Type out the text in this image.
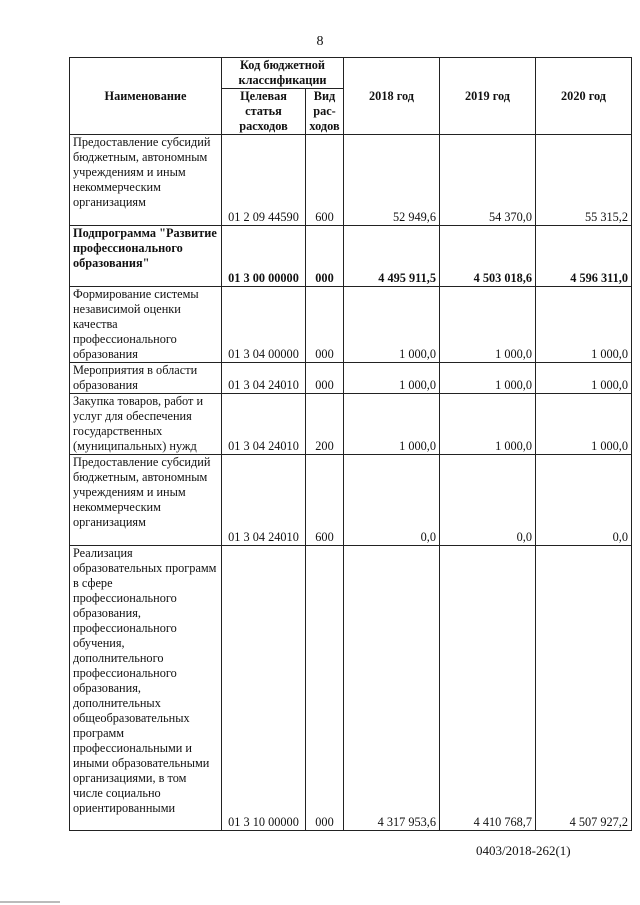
8
Наименование	Код бюджетной классификации		2018 год	2019 год	2020 год
	Целевая статья расходов	Вид рас-ходов			
Предоставление субсидий бюджетным, автономным учреждениям и иным некоммерческим организациям	01 2 09 44590	600	52 949,6	54 370,0	55 315,2
Подпрограмма "Развитие профессионального образования"	01 3 00 00000	000	4 495 911,5	4 503 018,6	4 596 311,0
Формирование системы независимой оценки качества профессионального образования	01 3 04 00000	000	1 000,0	1 000,0	1 000,0
Мероприятия в области образования	01 3 04 24010	000	1 000,0	1 000,0	1 000,0
Закупка товаров, работ и услуг для обеспечения государственных (муниципальных) нужд	01 3 04 24010	200	1 000,0	1 000,0	1 000,0
Предоставление субсидий бюджетным, автономным учреждениям и иным некоммерческим организациям	01 3 04 24010	600	0,0	0,0	0,0
Реализация образовательных программ в сфере профессионального образования, профессионального обучения, дополнительного профессионального образования, дополнительных общеобразовательных программ профессиональными и иными образовательными организациями, в том числе социально ориентированными	01 3 10 00000	000	4 317 953,6	4 410 768,7	4 507 927,2
0403/2018-262(1)
